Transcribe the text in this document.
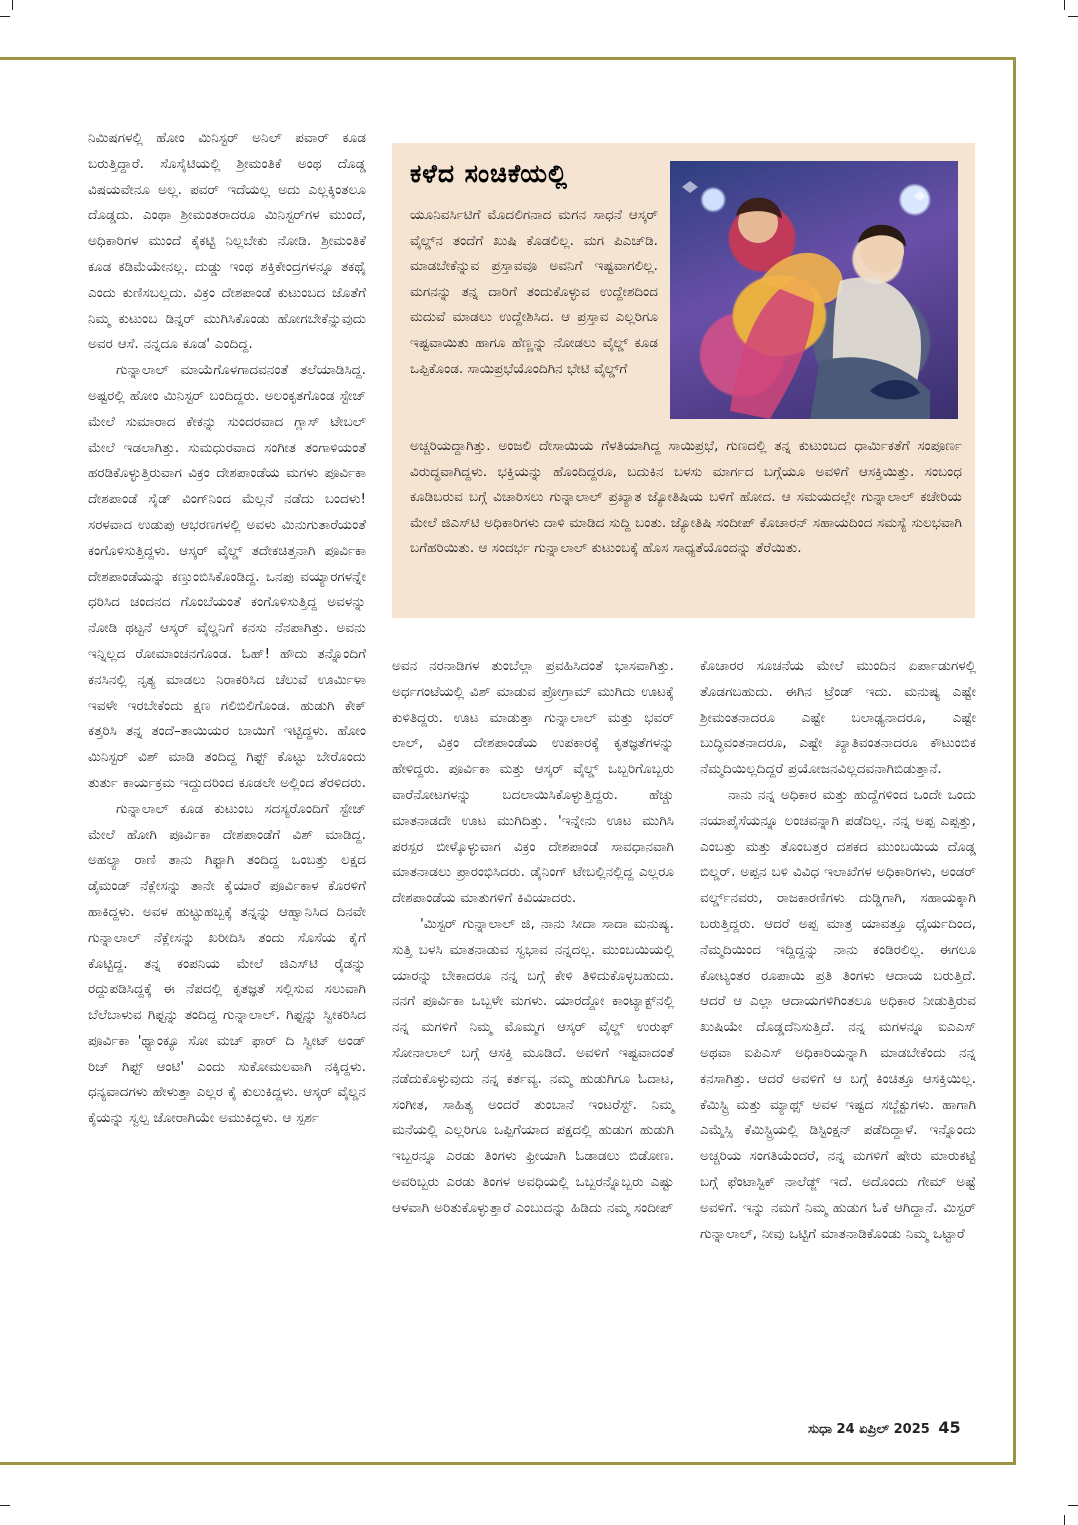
ನಿಮಿಷಗಳಲ್ಲಿ ಹೋಂ ಮಿನಿಸ್ಟರ್ ಅನಿಲ್ ಪವಾರ್ ಕೂಡ ಬರುತ್ತಿದ್ದಾರೆ. ಸೊಸೈಟಿಯಲ್ಲಿ ಶ್ರೀಮಂತಿಕೆ ಅಂಥ ದೊಡ್ಡ ವಿಷಯವೇನೂ ಅಲ್ಲ. ಪವರ್ ಇದೆಯಲ್ಲ ಅದು ಎಲ್ಲಕ್ಕಿಂತಲೂ ದೊಡ್ಡದು. ಎಂಥಾ ಶ್ರೀಮಂತರಾದರೂ ಮಿನಿಸ್ಟರ್‌ಗಳ ಮುಂದೆ, ಅಧಿಕಾರಿಗಳ ಮುಂದೆ ಕೈಕಟ್ಟಿ ನಿಲ್ಲಬೇಕು ನೋಡಿ. ಶ್ರೀಮಂತಿಕೆ ಕೂಡ ಕಡಿಮೆಯೇನಲ್ಲ. ದುಡ್ಡು ಇಂಥ ಶಕ್ತಿಕೇಂದ್ರಗಳನ್ನೂ ತಕಥೈ ಎಂದು ಕುಣಿಸಬಲ್ಲದು. ವಿಕ್ರಂ ದೇಶಪಾಂಡೆ ಕುಟುಂಬದ ಜೊತೆಗೆ ನಿಮ್ಮ ಕುಟುಂಬ ಡಿನ್ನರ್ ಮುಗಿಸಿಕೊಂಡು ಹೋಗಬೇಕೆನ್ನುವುದು ಅವರ ಆಸೆ. ನನ್ನದೂ ಕೂಡ' ಎಂದಿದ್ದ.

ಗುನ್ನಾಲಾಲ್ ಮಾಯೆಗೊಳಗಾದವನಂತೆ ತಲೆಯಾಡಿಸಿದ್ದ. ಅಷ್ಟರಲ್ಲಿ ಹೋಂ ಮಿನಿಸ್ಟರ್ ಬಂದಿದ್ದರು. ಅಲಂಕೃತಗೊಂಡ ಸ್ಟೇಜ್ ಮೇಲೆ ಸುಮಾರಾದ ಕೇಕನ್ನು ಸುಂದರವಾದ ಗ್ಲಾಸ್ ಟೇಬಲ್ ಮೇಲೆ ಇಡಲಾಗಿತ್ತು. ಸುಮಧುರವಾದ ಸಂಗೀತ ತಂಗಾಳಿಯಂತೆ ಹರಡಿಕೊಳ್ಳುತ್ತಿರುವಾಗ ವಿಕ್ರಂ ದೇಶಪಾಂಡೆಯ ಮಗಳು ಪೂರ್ವಿಕಾ ದೇಶಪಾಂಡೆ ಸೈಡ್ ವಿಂಗ್‌ನಿಂದ ಮೆಲ್ಲನೆ ನಡೆದು ಬಂದಳು! ಸರಳವಾದ ಉಡುಪು ಆಭರಣಗಳಲ್ಲಿ ಅವಳು ಮಿನುಗುತಾರೆಯಂತೆ ಕಂಗೊಳಿಸುತ್ತಿದ್ದಳು. ಆಸ್ಕರ್ ವೈಲ್ಡ್ ತದೇಕಚಿತ್ತನಾಗಿ ಪೂರ್ವಿಕಾ ದೇಶಪಾಂಡೆಯನ್ನು ಕಣ್ತುಂಬಿಸಿಕೊಂಡಿದ್ದ. ಒನಪು ವಯ್ಯಾರಗಳನ್ನೇ ಧರಿಸಿದ ಚಂದನದ ಗೊಂಬೆಯಂತೆ ಕಂಗೊಳಿಸುತ್ತಿದ್ದ ಅವಳನ್ನು ನೋಡಿ ಥಟ್ಟನೆ ಆಸ್ಕರ್ ವೈಲ್ಡನಿಗೆ ಕನಸು ನೆನಪಾಗಿತ್ತು. ಅವನು ಇನ್ನಿಲ್ಲದ ರೋಮಾಂಚನಗೊಂಡ. ಓಹ್! ಹೌದು ತನ್ನೊಂದಿಗೆ ಕನಸಿನಲ್ಲಿ ನೃತ್ಯ ಮಾಡಲು ನಿರಾಕರಿಸಿದ ಚೆಲುವೆ ಊರ್ಮಿಳಾ ಇವಳೇ ಇರಬೇಕೆಂದು ಕ್ಷಣ ಗಲಿಬಿಲಿಗೊಂಡ. ಹುಡುಗಿ ಕೇಕ್ ಕತ್ತರಿಸಿ ತನ್ನ ತಂದೆ–ತಾಯಿಯರ ಬಾಯಿಗೆ ಇಟ್ಟಿದ್ದಳು. ಹೋಂ ಮಿನಿಸ್ಟರ್ ವಿಶ್ ಮಾಡಿ ತಂದಿದ್ದ ಗಿಫ್ಟ್ ಕೊಟ್ಟು ಬೇರೊಂದು ತುರ್ತು ಕಾರ್ಯಕ್ರಮ ಇದ್ದುದರಿಂದ ಕೂಡಲೇ ಅಲ್ಲಿಂದ ತೆರಳಿದರು.

ಗುನ್ನಾಲಾಲ್ ಕೂಡ ಕುಟುಂಬ ಸದಸ್ಯರೊಂದಿಗೆ ಸ್ಟೇಜ್ ಮೇಲೆ ಹೋಗಿ ಪೂರ್ವಿಕಾ ದೇಶಪಾಂಡೆಗೆ ವಿಶ್ ಮಾಡಿದ್ದ. ಅಹಲ್ಯಾ ರಾಣಿ ತಾನು ಗಿಫ್ಟಾಗಿ ತಂದಿದ್ದ ಒಂಬತ್ತು ಲಕ್ಷದ ಡೈಮಂಡ್ ನೆಕ್ಲೇಸನ್ನು ತಾನೇ ಕೈಯಾರೆ ಪೂರ್ವಿಕಾಳ ಕೊರಳಿಗೆ ಹಾಕಿದ್ದಳು. ಅವಳ ಹುಟ್ಟುಹಬ್ಬಕ್ಕೆ ತನ್ನನ್ನು ಆಹ್ವಾನಿಸಿದ ದಿನವೇ ಗುನ್ನಾಲಾಲ್ ನೆಕ್ಲೇಸನ್ನು ಖರೀದಿಸಿ ತಂದು ಸೊಸೆಯ ಕೈಗೆ ಕೊಟ್ಟಿದ್ದ. ತನ್ನ ಕಂಪನಿಯ ಮೇಲೆ ಜಿಎಸ್‌ಟಿ ರೈಡನ್ನು ರದ್ದುಪಡಿಸಿದ್ದಕ್ಕೆ ಈ ನೆಪದಲ್ಲಿ ಕೃತಜ್ಞತೆ ಸಲ್ಲಿಸುವ ಸಲುವಾಗಿ ಬೆಲೆಬಾಳುವ ಗಿಫ್ಟನ್ನು ತಂದಿದ್ದ ಗುನ್ನಾಲಾಲ್. ಗಿಫ್ಟನ್ನು ಸ್ವೀಕರಿಸಿದ ಪೂರ್ವಿಕಾ 'ಥ್ಯಾಂಕ್ಯೂ ಸೋ ಮಚ್ ಫಾರ್ ದಿ ಸ್ವೀಟ್ ಅಂಡ್ ರಿಚ್ ಗಿಫ್ಟ್ ಆಂಟಿ' ಎಂದು ಸುಕೋಮಲವಾಗಿ ನಕ್ಕಿದ್ದಳು. ಧನ್ಯವಾದಗಳು ಹೇಳುತ್ತಾ ಎಲ್ಲರ ಕೈ ಕುಲುಕಿದ್ದಳು. ಆಸ್ಕರ್ ವೈಲ್ಡನ ಕೈಯನ್ನು ಸ್ವಲ್ಪ ಜೋರಾಗಿಯೇ ಅಮುಕಿದ್ದಳು. ಆ ಸ್ಪರ್ಶ

ಕಳೆದ ಸಂಚಿಕೆಯಲ್ಲಿ
ಯೂನಿವರ್ಸಿಟಿಗೆ ಮೊದಲಿಗನಾದ ಮಗನ ಸಾಧನೆ ಆಸ್ಕರ್ ವೈಲ್ಡ್‌ನ ತಂದೆಗೆ ಖುಷಿ ಕೊಡಲಿಲ್ಲ. ಮಗ ಪಿಎಚ್‌ಡಿ. ಮಾಡಬೇಕೆನ್ನುವ ಪ್ರಸ್ತಾವವೂ ಅವನಿಗೆ ಇಷ್ಟವಾಗಲಿಲ್ಲ. ಮಗನನ್ನು ತನ್ನ ದಾರಿಗೆ ತಂದುಕೊಳ್ಳುವ ಉದ್ದೇಶದಿಂದ ಮದುವೆ ಮಾಡಲು ಉದ್ದೇಶಿಸಿದ. ಆ ಪ್ರಸ್ತಾವ ಎಲ್ಲರಿಗೂ ಇಷ್ಟವಾಯಿತು ಹಾಗೂ ಹೆಣ್ಣನ್ನು ನೋಡಲು ವೈಲ್ಡ್ ಕೂಡ ಒಪ್ಪಿಕೊಂಡ. ಸಾಯಿಪ್ರಭೆಯೊಂದಿಗಿನ ಭೇಟಿ ವೈಲ್ಡ್‌ಗೆ
ಅಚ್ಚರಿಯದ್ದಾಗಿತ್ತು. ಅಂಜಲಿ ದೇಸಾಯಿಯ ಗೆಳತಿಯಾಗಿದ್ದ ಸಾಯಿಪ್ರಭೆ, ಗುಣದಲ್ಲಿ ತನ್ನ ಕುಟುಂಬದ ಧಾರ್ಮಿಕತೆಗೆ ಸಂಪೂರ್ಣ ವಿರುದ್ಧವಾಗಿದ್ದಳು. ಭಕ್ತಿಯನ್ನು ಹೊಂದಿದ್ದರೂ, ಬದುಕಿನ ಬಳಸು ಮಾರ್ಗದ ಬಗ್ಗೆಯೂ ಅವಳಿಗೆ ಆಸಕ್ತಿಯಿತ್ತು. ಸಂಬಂಧ ಕೂಡಿಬರುವ ಬಗ್ಗೆ ವಿಚಾರಿಸಲು ಗುನ್ನಾಲಾಲ್ ಪ್ರಖ್ಯಾತ ಜ್ಯೋತಿಷಿಯ ಬಳಿಗೆ ಹೋದ. ಆ ಸಮಯದಲ್ಲೇ ಗುನ್ನಾಲಾಲ್ ಕಚೇರಿಯ ಮೇಲೆ ಜಿಎಸ್‌ಟಿ ಅಧಿಕಾರಿಗಳು ದಾಳಿ ಮಾಡಿದ ಸುದ್ದಿ ಬಂತು. ಜ್ಯೋತಿಷಿ ಸಂದೀಪ್ ಕೊಚಾರನ್ ಸಹಾಯದಿಂದ ಸಮಸ್ಯೆ ಸುಲಭವಾಗಿ ಬಗೆಹರಿಯಿತು. ಆ ಸಂದರ್ಭ ಗುನ್ನಾಲಾಲ್ ಕುಟುಂಬಕ್ಕೆ ಹೊಸ ಸಾಧ್ಯತೆಯೊಂದನ್ನು ತೆರೆಯಿತು.

ಅವನ ನರನಾಡಿಗಳ ತುಂಬೆಲ್ಲಾ ಪ್ರವಹಿಸಿದಂತೆ ಭಾಸವಾಗಿತ್ತು. ಅರ್ಧಗಂಟೆಯಲ್ಲಿ ವಿಶ್ ಮಾಡುವ ಪ್ರೋಗ್ರಾಮ್ ಮುಗಿದು ಊಟಕ್ಕೆ ಕುಳಿತಿದ್ದರು. ಊಟ ಮಾಡುತ್ತಾ ಗುನ್ನಾಲಾಲ್ ಮತ್ತು ಭವರ್ ಲಾಲ್, ವಿಕ್ರಂ ದೇಶಪಾಂಡೆಯ ಉಪಕಾರಕ್ಕೆ ಕೃತಜ್ಞತೆಗಳನ್ನು ಹೇಳಿದ್ದರು. ಪೂರ್ವಿಕಾ ಮತ್ತು ಆಸ್ಕರ್ ವೈಲ್ಡ್ ಒಬ್ಬರಿಗೊಬ್ಬರು ವಾರೆನೋಟಗಳನ್ನು ಬದಲಾಯಿಸಿಕೊಳ್ಳುತ್ತಿದ್ದರು. ಹೆಚ್ಚು ಮಾತನಾಡದೇ ಊಟ ಮುಗಿದಿತ್ತು. 'ಇನ್ನೇನು ಊಟ ಮುಗಿಸಿ ಪರಸ್ಪರ ಬೀಳ್ಕೊಳ್ಳುವಾಗ ವಿಕ್ರಂ ದೇಶಪಾಂಡೆ ಸಾವಧಾನವಾಗಿ ಮಾತನಾಡಲು ಪ್ರಾರಂಭಿಸಿದರು. ಡೈನಿಂಗ್ ಟೇಬಲ್ಲಿನಲ್ಲಿದ್ದ ಎಲ್ಲರೂ ದೇಶಪಾಂಡೆಯ ಮಾತುಗಳಿಗೆ ಕಿವಿಯಾದರು.

'ಮಿಸ್ಟರ್ ಗುನ್ನಾಲಾಲ್ ಜಿ, ನಾನು ಸೀದಾ ಸಾದಾ ಮನುಷ್ಯ. ಸುತ್ತಿ ಬಳಸಿ ಮಾತನಾಡುವ ಸ್ವಭಾವ ನನ್ನದಲ್ಲ. ಮುಂಬಯಿಯಲ್ಲಿ ಯಾರನ್ನು ಬೇಕಾದರೂ ನನ್ನ ಬಗ್ಗೆ ಕೇಳಿ ತಿಳಿದುಕೊಳ್ಳಬಹುದು. ನನಗೆ ಪೂರ್ವಿಕಾ ಒಬ್ಬಳೇ ಮಗಳು. ಯಾರದ್ದೋ ಕಾಂಟ್ಯಾಕ್ಟ್‌ನಲ್ಲಿ ನನ್ನ ಮಗಳಿಗೆ ನಿಮ್ಮ ಮೊಮ್ಮಗ ಆಸ್ಕರ್ ವೈಲ್ಡ್ ಉರುಫ್ ಸೋನಾಲಾಲ್ ಬಗ್ಗೆ ಆಸಕ್ತಿ ಮೂಡಿದೆ. ಅವಳಿಗೆ ಇಷ್ಟವಾದಂತೆ ನಡೆದುಕೊಳ್ಳುವುದು ನನ್ನ ಕರ್ತವ್ಯ. ನಮ್ಮ ಹುಡುಗಿಗೂ ಓದಾಟ, ಸಂಗೀತ, ಸಾಹಿತ್ಯ ಅಂದರೆ ತುಂಬಾನೆ ಇಂಟರೆಸ್ಟ್. ನಿಮ್ಮ ಮನೆಯಲ್ಲಿ ಎಲ್ಲರಿಗೂ ಒಪ್ಪಿಗೆಯಾದ ಪಕ್ಷದಲ್ಲಿ ಹುಡುಗ ಹುಡುಗಿ ಇಬ್ಬರನ್ನೂ ಎರಡು ತಿಂಗಳು ಫ್ರೀಯಾಗಿ ಓಡಾಡಲು ಬಿಡೋಣ. ಅವರಿಬ್ಬರು ಎರಡು ತಿಂಗಳ ಅವಧಿಯಲ್ಲಿ ಒಬ್ಬರನ್ನೊಬ್ಬರು ಎಷ್ಟು ಆಳವಾಗಿ ಅರಿತುಕೊಳ್ಳುತ್ತಾರೆ ಎಂಬುದನ್ನು ಹಿಡಿದು ನಮ್ಮ ಸಂದೀಪ್

ಕೊಚಾರರ ಸೂಚನೆಯ ಮೇಲೆ ಮುಂದಿನ ಏರ್ಪಾಡುಗಳಲ್ಲಿ ತೊಡಗಬಹುದು. ಈಗಿನ ಟ್ರೆಂಡ್ ಇದು. ಮನುಷ್ಯ ಎಷ್ಟೇ ಶ್ರೀಮಂತನಾದರೂ ಎಷ್ಟೇ ಬಲಾಢ್ಯನಾದರೂ, ಎಷ್ಟೇ ಬುದ್ಧಿವಂತನಾದರೂ, ಎಷ್ಟೇ ಖ್ಯಾತಿವಂತನಾದರೂ ಕೌಟುಂಬಿಕ ನೆಮ್ಮದಿಯಿಲ್ಲದಿದ್ದರೆ ಪ್ರಯೋಜನವಿಲ್ಲದವನಾಗಿಬಿಡುತ್ತಾನೆ.

ನಾನು ನನ್ನ ಅಧಿಕಾರ ಮತ್ತು ಹುದ್ದೆಗಳಿಂದ ಒಂದೇ ಒಂದು ನಯಾಪೈಸೆಯನ್ನೂ ಲಂಚವನ್ನಾಗಿ ಪಡೆದಿಲ್ಲ. ನನ್ನ ಅಪ್ಪ ಎಪ್ಪತ್ತು, ಎಂಬತ್ತು ಮತ್ತು ತೊಂಬತ್ತರ ದಶಕದ ಮುಂಬಯಿಯ ದೊಡ್ಡ ಬಿಲ್ಡರ್. ಅಪ್ಪನ ಬಳಿ ವಿವಿಧ ಇಲಾಖೆಗಳ ಅಧಿಕಾರಿಗಳು, ಅಂಡರ್ ವರ್ಲ್ಡ್‌ನವರು, ರಾಜಕಾರಣಿಗಳು ದುಡ್ಡಿಗಾಗಿ, ಸಹಾಯಕ್ಕಾಗಿ ಬರುತ್ತಿದ್ದರು. ಆದರೆ ಅಪ್ಪ ಮಾತ್ರ ಯಾವತ್ತೂ ಧೈರ್ಯದಿಂದ, ನೆಮ್ಮದಿಯಿಂದ ಇದ್ದಿದ್ದನ್ನು ನಾನು ಕಂಡಿರಲಿಲ್ಲ. ಈಗಲೂ ಕೋಟ್ಯಂತರ ರೂಪಾಯಿ ಪ್ರತಿ ತಿಂಗಳು ಆದಾಯ ಬರುತ್ತಿದೆ. ಆದರೆ ಆ ಎಲ್ಲಾ ಆದಾಯಗಳಿಗಿಂತಲೂ ಅಧಿಕಾರ ನೀಡುತ್ತಿರುವ ಖುಷಿಯೇ ದೊಡ್ಡದೆನಿಸುತ್ತಿದೆ. ನನ್ನ ಮಗಳನ್ನೂ ಐಎಎಸ್ ಅಥವಾ ಐಪಿಎಸ್ ಅಧಿಕಾರಿಯನ್ನಾಗಿ ಮಾಡಬೇಕೆಂದು ನನ್ನ ಕನಸಾಗಿತ್ತು. ಆದರೆ ಅವಳಿಗೆ ಆ ಬಗ್ಗೆ ಕಿಂಚಿತ್ತೂ ಆಸಕ್ತಿಯಿಲ್ಲ. ಕೆಮಿಸ್ಟ್ರಿ ಮತ್ತು ಮ್ಯಾಥ್ಸ್ ಅವಳ ಇಷ್ಟದ ಸಬ್ಜೆಕ್ಟುಗಳು. ಹಾಗಾಗಿ ಎಮ್ಮೆಸ್ಸಿ ಕೆಮಿಸ್ಟ್ರಿಯಲ್ಲಿ ಡಿಸ್ಟಿಂಕ್ಷನ್ ಪಡೆದಿದ್ದಾಳೆ. ಇನ್ನೊಂದು ಅಚ್ಚರಿಯ ಸಂಗತಿಯೆಂದರೆ, ನನ್ನ ಮಗಳಿಗೆ ಷೇರು ಮಾರುಕಟ್ಟೆ ಬಗ್ಗೆ ಫೆಂಟಾಸ್ಟಿಕ್ ನಾಲೆಡ್ಜ್ ಇದೆ. ಅದೊಂದು ಗೇಮ್ ಅಷ್ಟೆ ಅವಳಿಗೆ. ಇನ್ನು ನಮಗೆ ನಿಮ್ಮ ಹುಡುಗ ಓಕೆ ಆಗಿದ್ದಾನೆ. ಮಿಸ್ಟರ್ ಗುನ್ನಾಲಾಲ್, ನೀವು ಒಟ್ಟಿಗೆ ಮಾತನಾಡಿಕೊಂಡು ನಿಮ್ಮ ಒಟ್ಟಾರೆ

ಸುಧಾ 24 ಏಪ್ರಿಲ್ 2025 45
